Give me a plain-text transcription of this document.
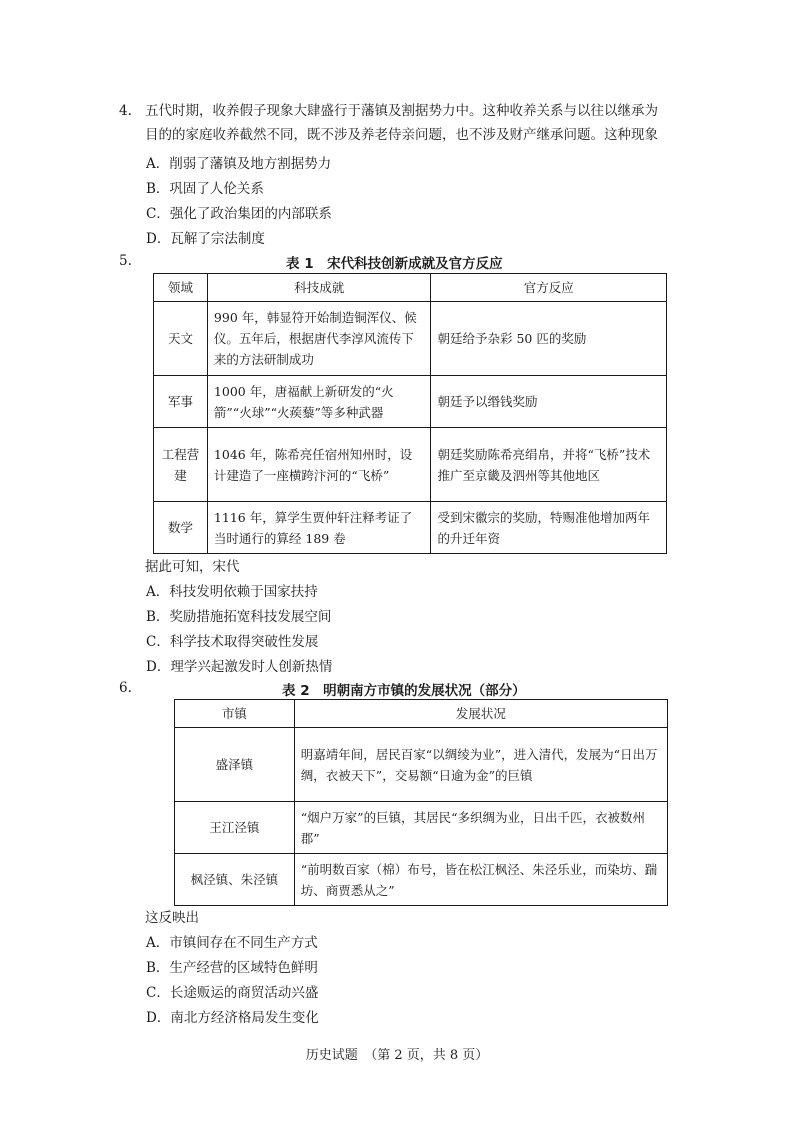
4. 五代时期，收养假子现象大肆盛行于藩镇及割据势力中。这种收养关系与以往以继承为
目的的家庭收养截然不同，既不涉及养老侍亲问题，也不涉及财产继承问题。这种现象
A．削弱了藩镇及地方割据势力
B．巩固了人伦关系
C．强化了政治集团的内部联系
D．瓦解了宗法制度
5.	表 1　宋代科技创新成就及官方反应
领域	科技成就	官方反应
天文	990 年，韩显符开始制造铜浑仪、候仪。五年后，根据唐代李淳风流传下来的方法研制成功	朝廷给予杂彩 50 匹的奖励
军事	1000 年，唐福献上新研发的“火箭”“火球”“火蒺藜”等多种武器	朝廷予以缗钱奖励
工程营建	1046 年，陈希亮任宿州知州时，设计建造了一座横跨汴河的“飞桥”	朝廷奖励陈希亮绢帛，并将“飞桥”技术推广至京畿及泗州等其他地区
数学	1116 年，算学生贾仲轩注释考证了当时通行的算经 189 卷	受到宋徽宗的奖励，特赐准他增加两年的升迁年资
据此可知，宋代
A．科技发明依赖于国家扶持
B．奖励措施拓宽科技发展空间
C．科学技术取得突破性发展
D．理学兴起激发时人创新热情
6.	表 2　明朝南方市镇的发展状况（部分）
市镇	发展状况
盛泽镇	明嘉靖年间，居民百家“以绸绫为业”，进入清代，发展为“日出万绸，衣被天下”，交易额“日逾为金”的巨镇
王江泾镇	“烟户万家”的巨镇，其居民“多织绸为业，日出千匹，衣被数州郡”
枫泾镇、朱泾镇	“前明数百家（棉）布号，皆在松江枫泾、朱泾乐业，而染坊、踹坊、商贾悉从之”
这反映出
A．市镇间存在不同生产方式
B．生产经营的区域特色鲜明
C．长途贩运的商贸活动兴盛
D．南北方经济格局发生变化
历史试题　（第 2 页，共 8 页）
